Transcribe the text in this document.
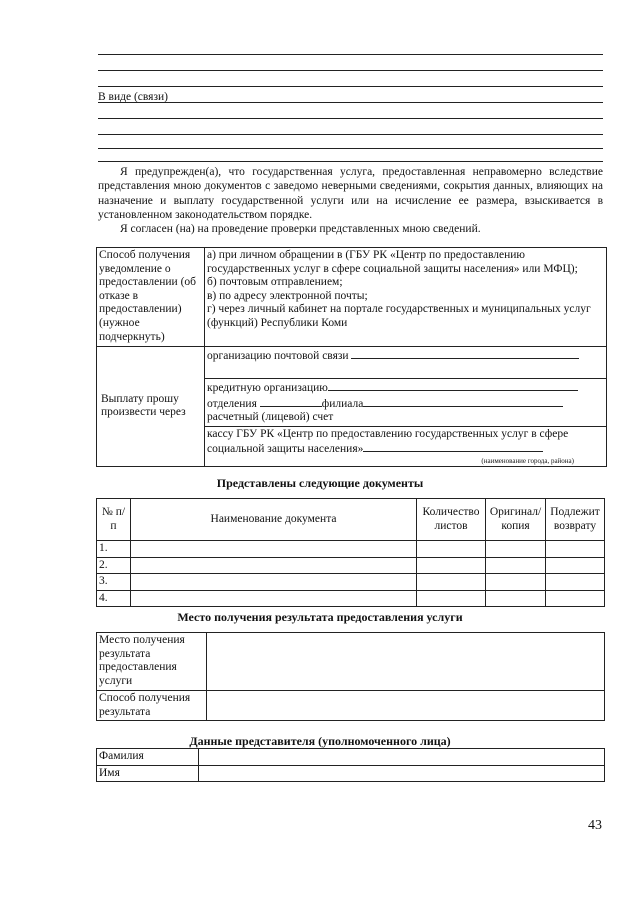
В виде (связи)
Я предупрежден(а), что государственная услуга, предоставленная неправомерно вследствие представления мною документов с заведомо неверными сведениями, сокрытия данных, влияющих на назначение и выплату государственной услуги или на исчисление ее размера, взыскивается в установленном законодательством порядке.
Я согласен (на) на проведение проверки представленных мною сведений.
Способ получения уведомление о предоставлении (об отказе в предоставлении) (нужное подчеркнуть)	а) при личном обращении в (ГБУ РК «Центр по предоставлению государственных услуг в сфере социальной защиты населения» или МФЦ);
б) почтовым отправлением;
в) по адресу электронной почты;
г) через личный кабинет на портале государственных и муниципальных услуг (функций) Республики Коми

Выплату прошу произвести через	организацию почтовой связи

	кредитную организацию
отделения филиала
расчетный (лицевой) счет

	кассу ГБУ РК «Центр по предоставлению государственных услуг в сфере социальной защиты населения»
(наименование города, района)
Представлены следующие документы
№ п/п	Наименование документа	Количество листов	Оригинал/копия	Подлежит возврату
1.				
2.				
3.				
4.				
Место получения результата предоставления услуги
Место получения результата предоставления услуги	
Способ получения результата	
Данные представителя (уполномоченного лица)
Фамилия	
Имя	
43
